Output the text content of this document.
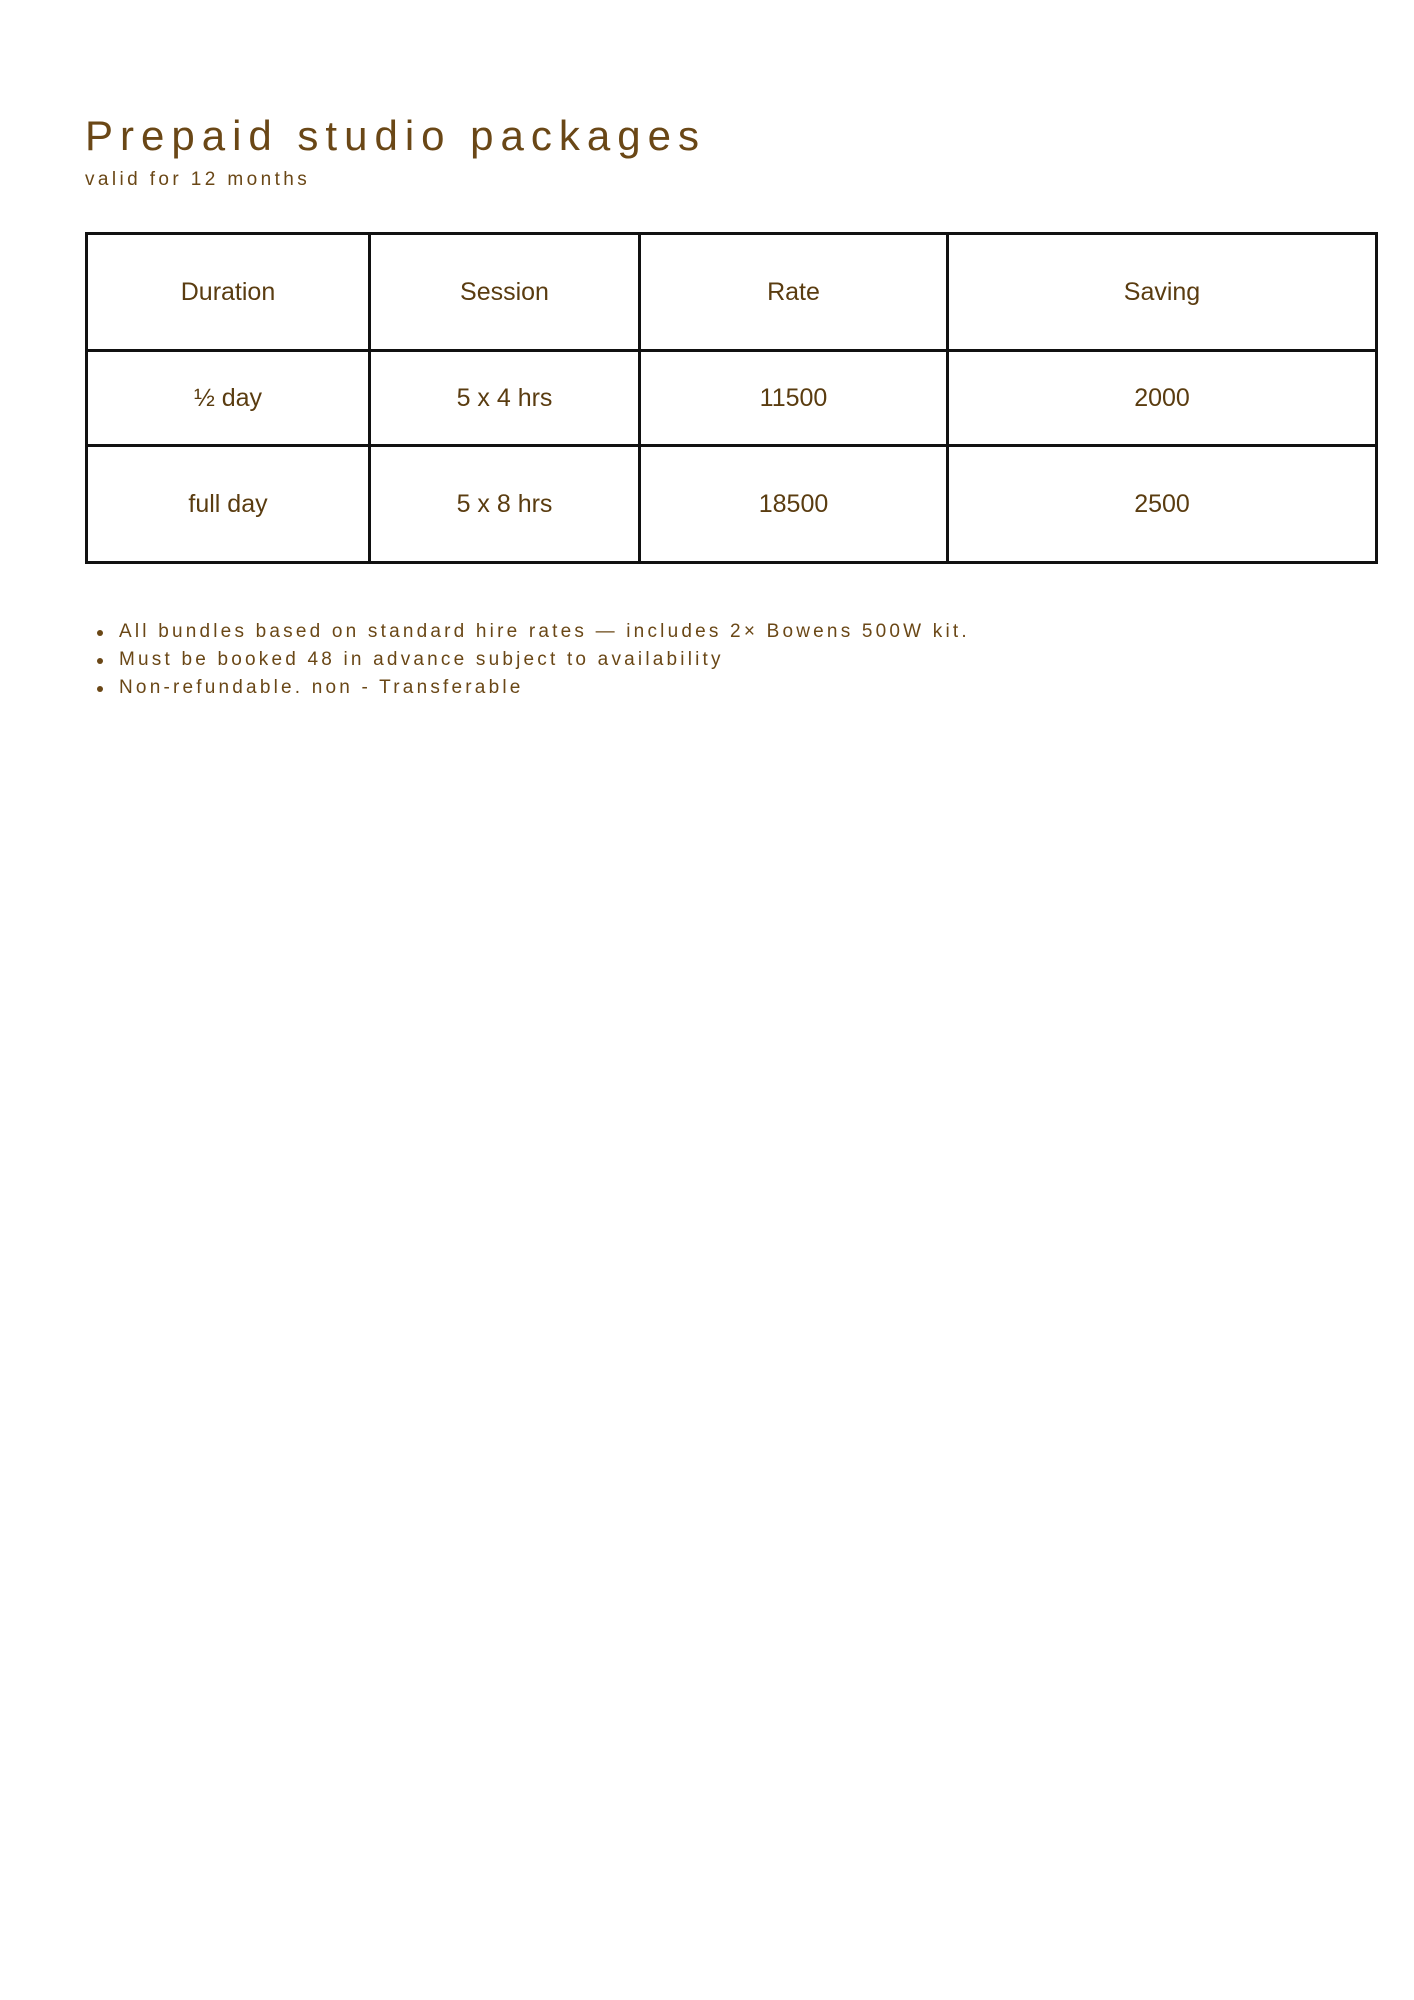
Prepaid studio packages

valid for 12 months

Duration	Session	Rate	Saving
½ day	5 x 4 hrs	11500	2000
full day	5 x 8 hrs	18500	2500
All bundles based on standard hire rates — includes 2× Bowens 500W kit.
Must be booked 48 in advance subject to availability
Non-refundable. non - Transferable
